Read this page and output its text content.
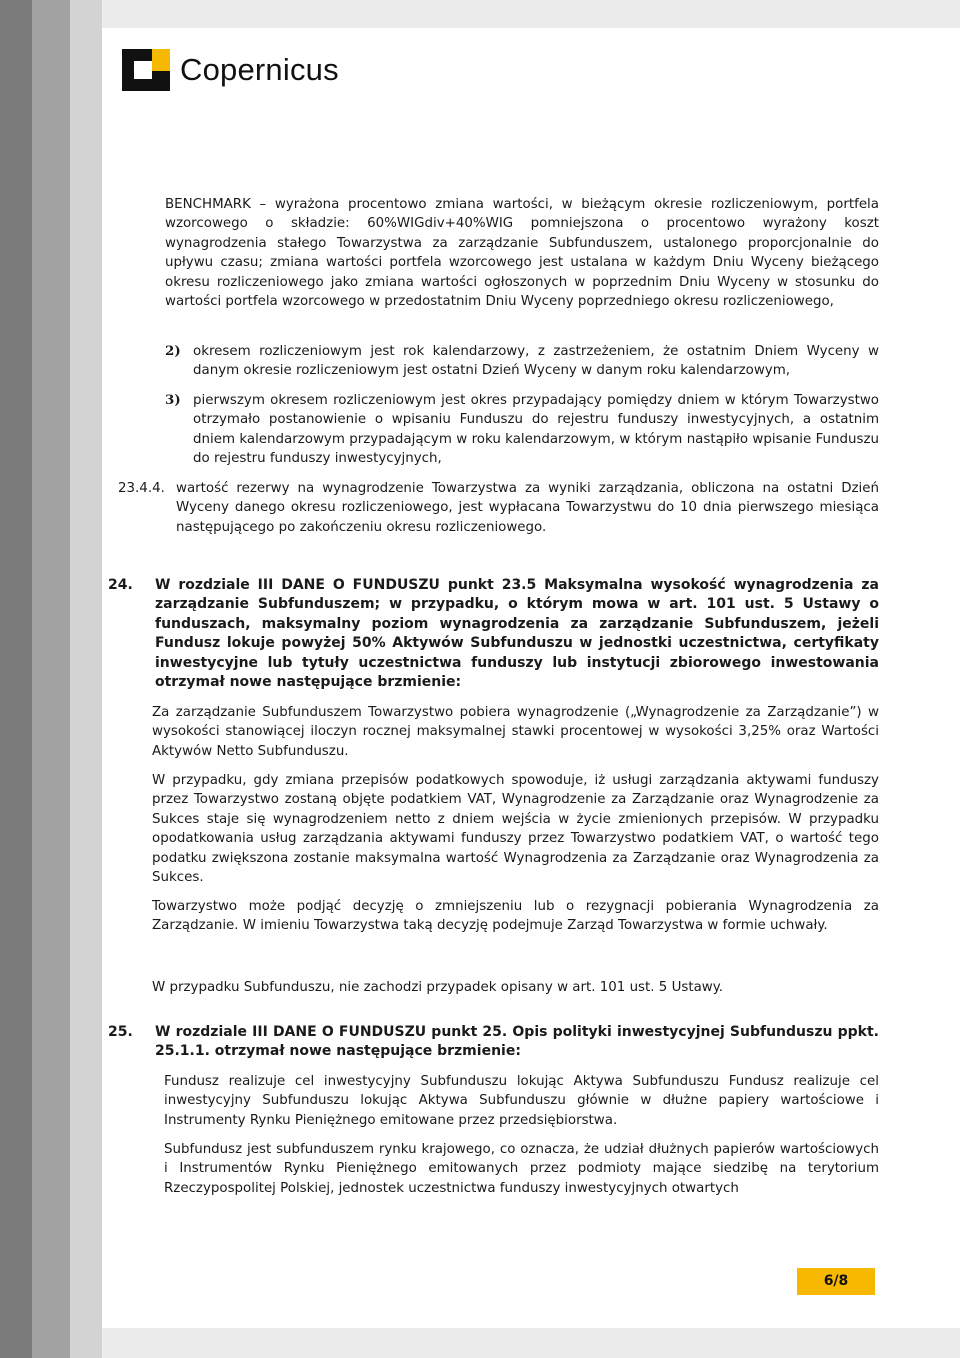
Copernicus

BENCHMARK – wyrażona procentowo zmiana wartości, w bieżącym okresie rozliczeniowym, portfela wzorcowego o składzie: 60%WIGdiv+40%WIG pomniejszona o procentowo wyrażony koszt wynagrodzenia stałego Towarzystwa za zarządzanie Subfunduszem, ustalonego proporcjonalnie do upływu czasu; zmiana wartości portfela wzorcowego jest ustalana w każdym Dniu Wyceny bieżącego okresu rozliczeniowego jako zmiana wartości ogłoszonych w poprzednim Dniu Wyceny w stosunku do wartości portfela wzorcowego w przedostatnim Dniu Wyceny poprzedniego okresu rozliczeniowego,

2) okresem rozliczeniowym jest rok kalendarzowy, z zastrzeżeniem, że ostatnim Dniem Wyceny w danym okresie rozliczeniowym jest ostatni Dzień Wyceny w danym roku kalendarzowym,

3) pierwszym okresem rozliczeniowym jest okres przypadający pomiędzy dniem w którym Towarzystwo otrzymało postanowienie o wpisaniu Funduszu do rejestru funduszy inwestycyjnych, a ostatnim dniem kalendarzowym przypadającym w roku kalendarzowym, w którym nastąpiło wpisanie Funduszu do rejestru funduszy inwestycyjnych,

23.4.4. wartość rezerwy na wynagrodzenie Towarzystwa za wyniki zarządzania, obliczona na ostatni Dzień Wyceny danego okresu rozliczeniowego, jest wypłacana Towarzystwu do 10 dnia pierwszego miesiąca następującego po zakończeniu okresu rozliczeniowego.

24. W rozdziale III DANE O FUNDUSZU punkt 23.5 Maksymalna wysokość wynagrodzenia za zarządzanie Subfunduszem; w przypadku, o którym mowa w art. 101 ust. 5 Ustawy o funduszach, maksymalny poziom wynagrodzenia za zarządzanie Subfunduszem, jeżeli Fundusz lokuje powyżej 50% Aktywów Subfunduszu w jednostki uczestnictwa, certyfikaty inwestycyjne lub tytuły uczestnictwa funduszy lub instytucji zbiorowego inwestowania otrzymał nowe następujące brzmienie:

Za zarządzanie Subfunduszem Towarzystwo pobiera wynagrodzenie („Wynagrodzenie za Zarządzanie”) w wysokości stanowiącej iloczyn rocznej maksymalnej stawki procentowej w wysokości 3,25% oraz Wartości Aktywów Netto Subfunduszu.

W przypadku, gdy zmiana przepisów podatkowych spowoduje, iż usługi zarządzania aktywami funduszy przez Towarzystwo zostaną objęte podatkiem VAT, Wynagrodzenie za Zarządzanie oraz Wynagrodzenie za Sukces staje się wynagrodzeniem netto z dniem wejścia w życie zmienionych przepisów. W przypadku opodatkowania usług zarządzania aktywami funduszy przez Towarzystwo podatkiem VAT, o wartość tego podatku zwiększona zostanie maksymalna wartość Wynagrodzenia za Zarządzanie oraz Wynagrodzenia za Sukces.

Towarzystwo może podjąć decyzję o zmniejszeniu lub o rezygnacji pobierania Wynagrodzenia za Zarządzanie. W imieniu Towarzystwa taką decyzję podejmuje Zarząd Towarzystwa w formie uchwały.

W przypadku Subfunduszu, nie zachodzi przypadek opisany w art. 101 ust. 5 Ustawy.

25. W rozdziale III DANE O FUNDUSZU punkt 25. Opis polityki inwestycyjnej Subfunduszu ppkt. 25.1.1. otrzymał nowe następujące brzmienie:

Fundusz realizuje cel inwestycyjny Subfunduszu lokując Aktywa Subfunduszu Fundusz realizuje cel inwestycyjny Subfunduszu lokując Aktywa Subfunduszu głównie w dłużne papiery wartościowe i Instrumenty Rynku Pieniężnego emitowane przez przedsiębiorstwa.

Subfundusz jest subfunduszem rynku krajowego, co oznacza, że udział dłużnych papierów wartościowych i Instrumentów Rynku Pieniężnego emitowanych przez podmioty mające siedzibę na terytorium Rzeczypospolitej Polskiej, jednostek uczestnictwa funduszy inwestycyjnych otwartych

6/8
